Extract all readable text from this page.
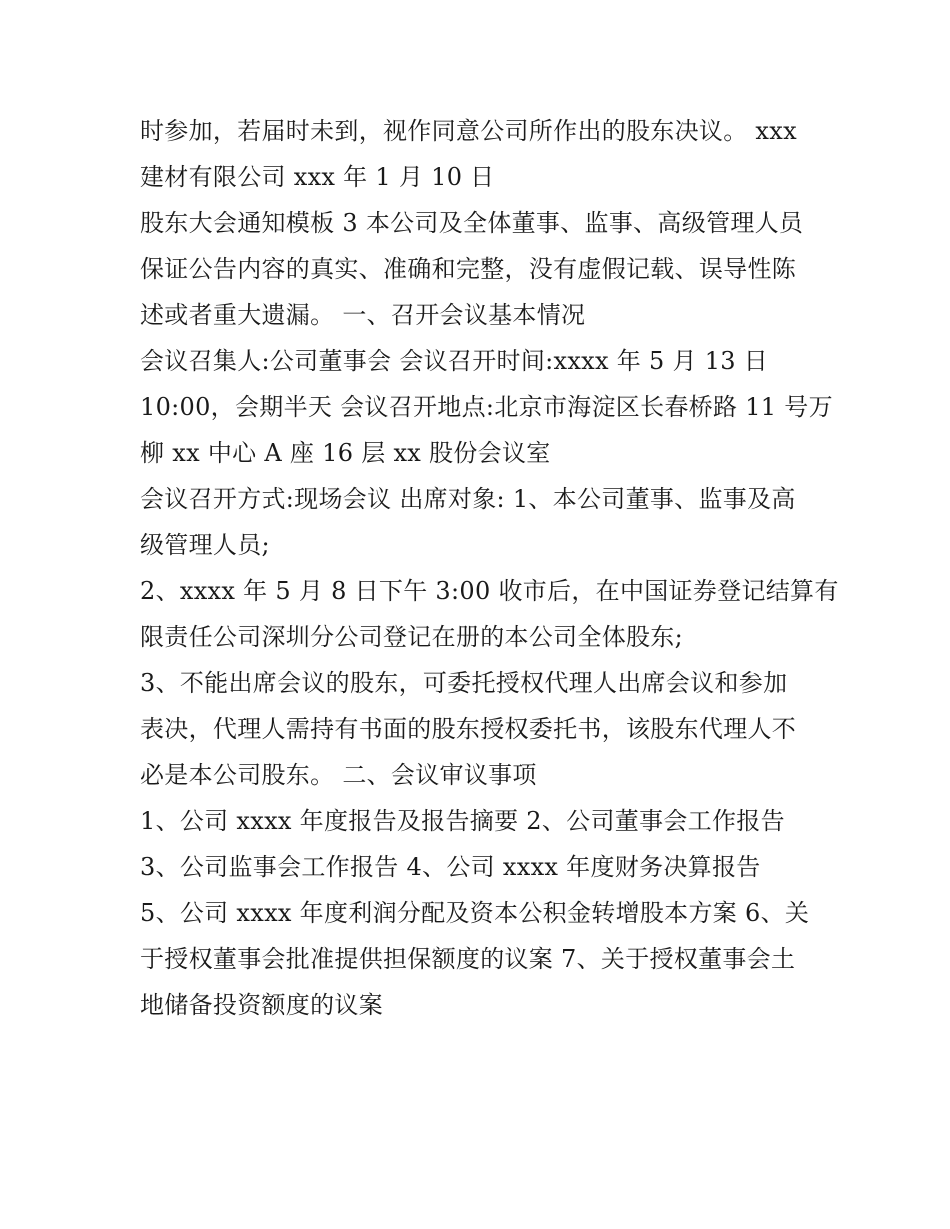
时参加，若届时未到，视作同意公司所作出的股东决议。 xxx
建材有限公司 xxx 年 1 月 10 日
股东大会通知模板 3 本公司及全体董事、监事、高级管理人员
保证公告内容的真实、准确和完整，没有虚假记载、误导性陈
述或者重大遗漏。 一、召开会议基本情况
会议召集人:公司董事会 会议召开时间:xxxx 年 5 月 13 日
10:00，会期半天 会议召开地点:北京市海淀区长春桥路 11 号万
柳 xx 中心 A 座 16 层 xx 股份会议室
会议召开方式:现场会议 出席对象: 1、本公司董事、监事及高
级管理人员;
2、xxxx 年 5 月 8 日下午 3:00 收市后，在中国证券登记结算有
限责任公司深圳分公司登记在册的本公司全体股东;
3、不能出席会议的股东，可委托授权代理人出席会议和参加
表决，代理人需持有书面的股东授权委托书，该股东代理人不
必是本公司股东。 二、会议审议事项
1、公司 xxxx 年度报告及报告摘要 2、公司董事会工作报告
3、公司监事会工作报告 4、公司 xxxx 年度财务决算报告
5、公司 xxxx 年度利润分配及资本公积金转增股本方案 6、关
于授权董事会批准提供担保额度的议案 7、关于授权董事会土
地储备投资额度的议案
